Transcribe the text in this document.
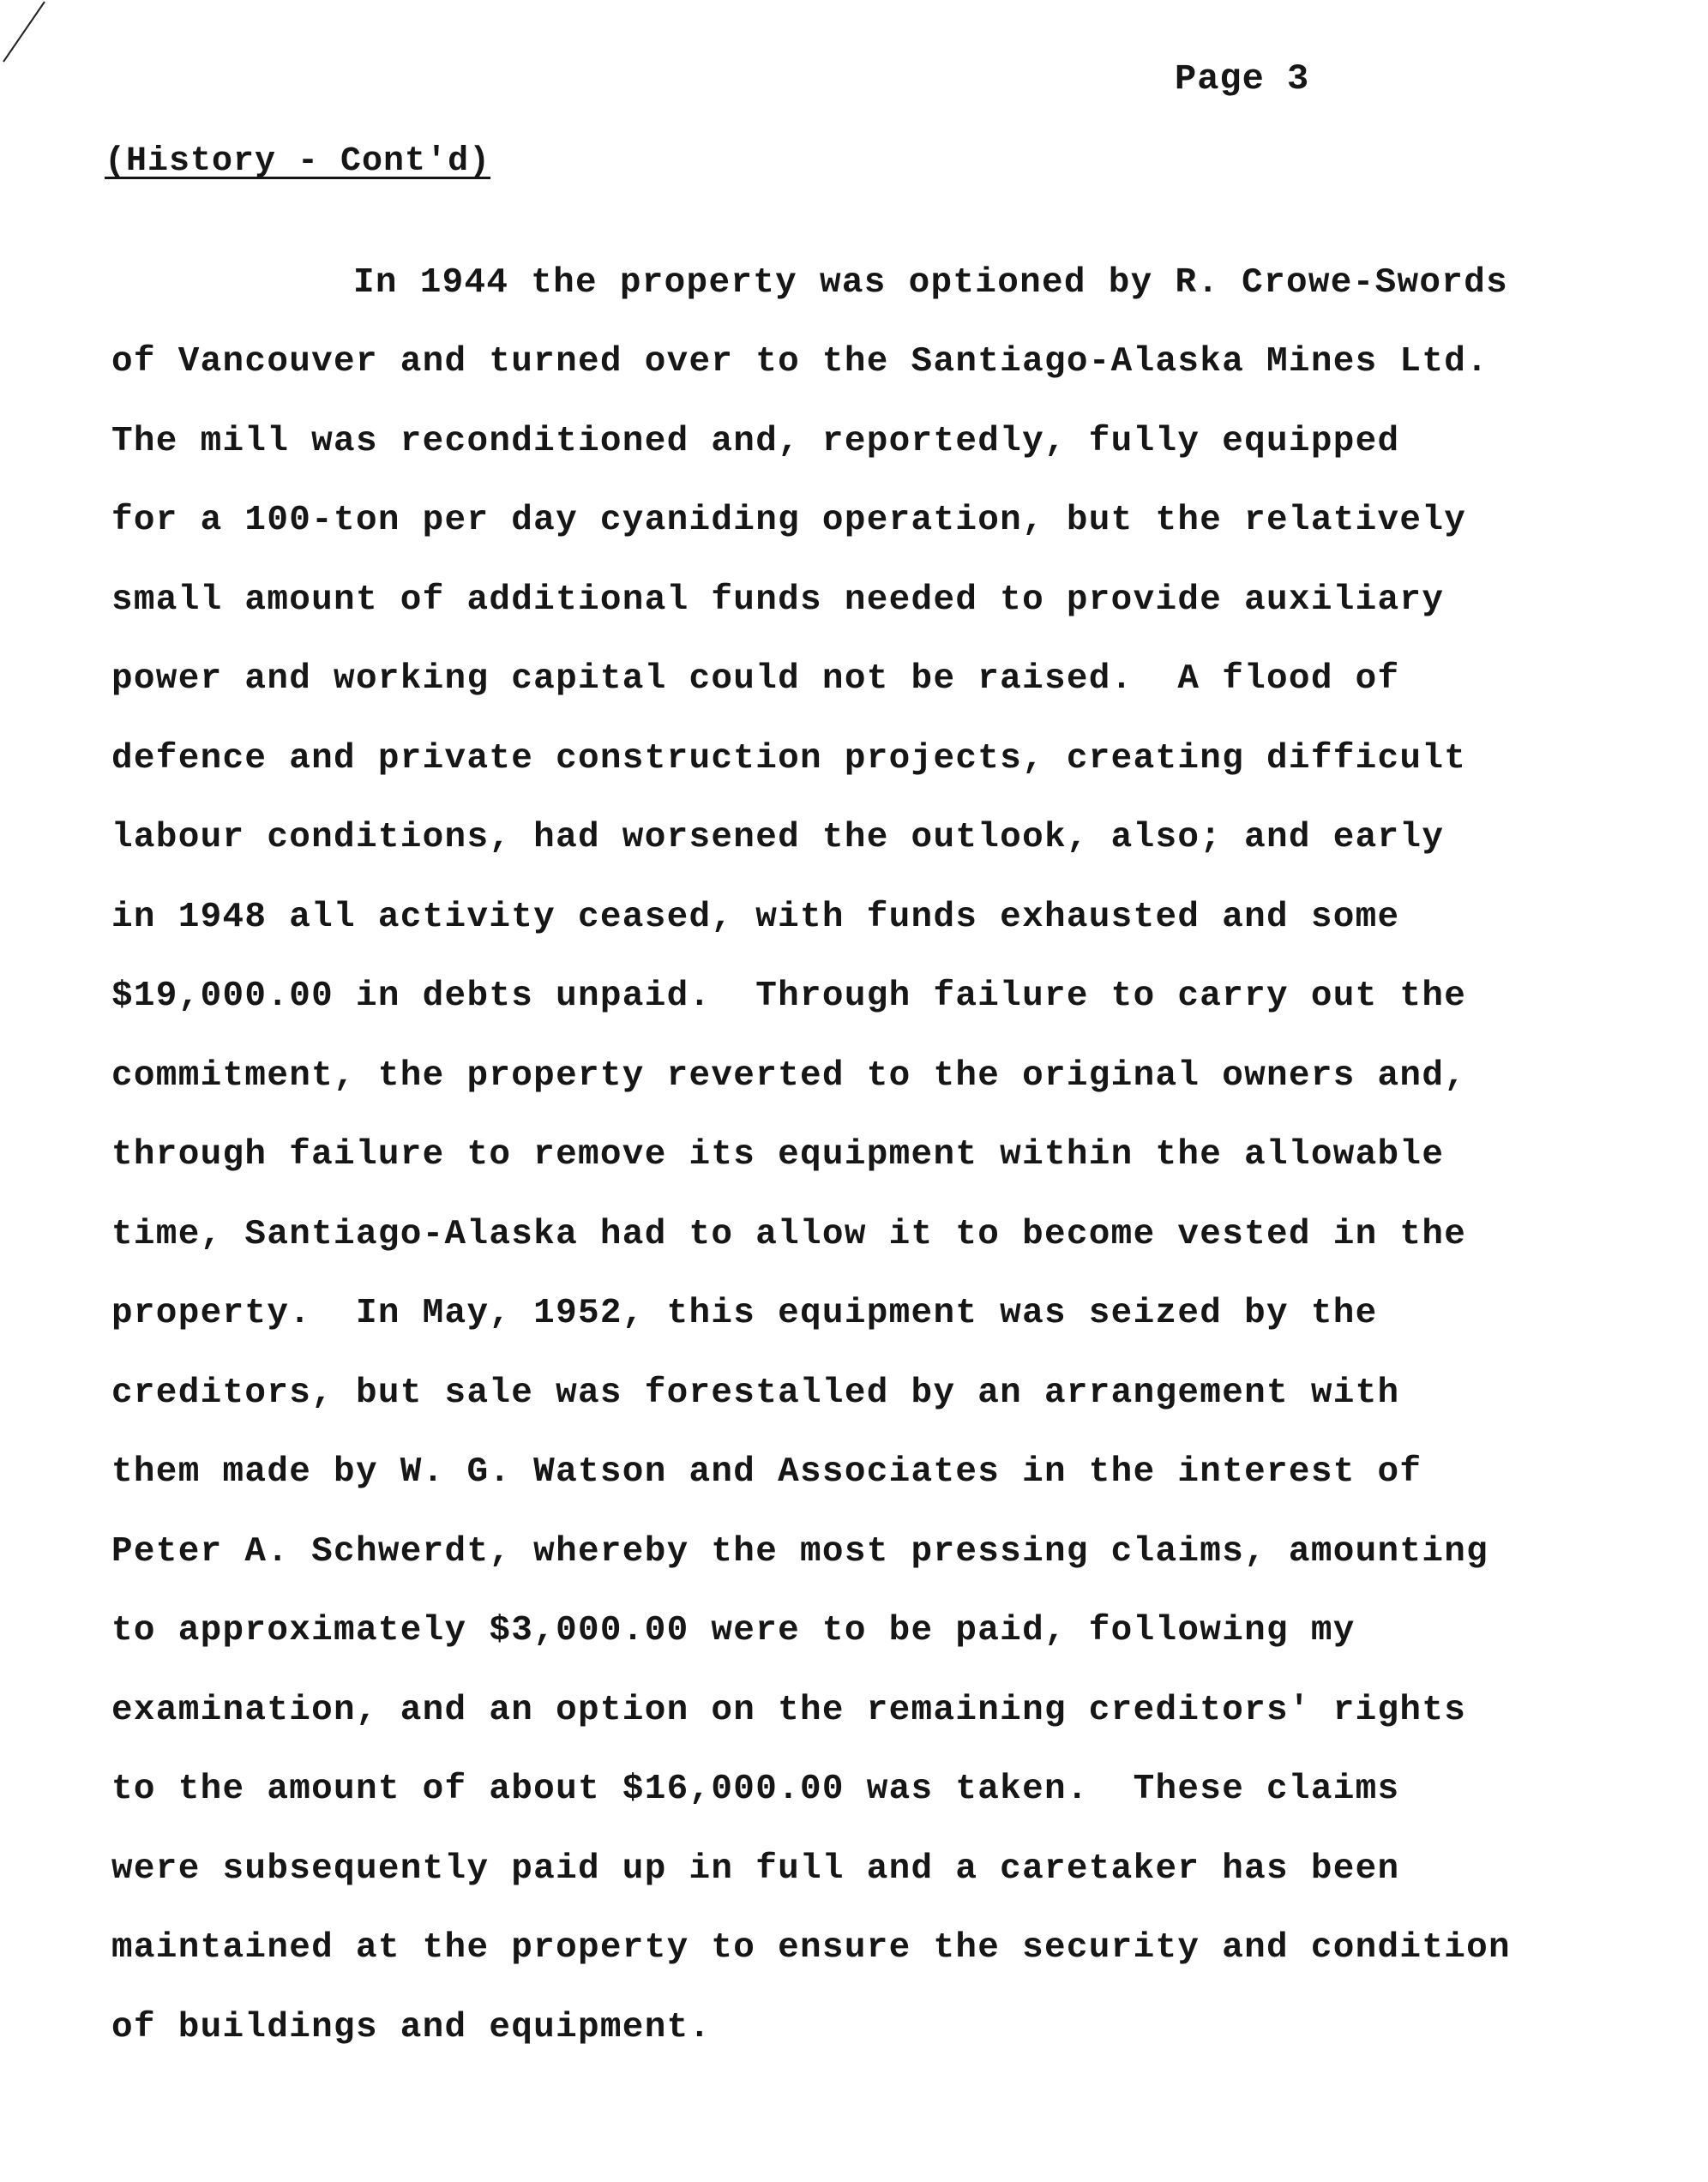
Page 3
(History - Cont'd)
In 1944 the property was optioned by R. Crowe-Swords
of Vancouver and turned over to the Santiago-Alaska Mines Ltd.
The mill was reconditioned and, reportedly, fully equipped
for a 100-ton per day cyaniding operation, but the relatively
small amount of additional funds needed to provide auxiliary
power and working capital could not be raised.  A flood of
defence and private construction projects, creating difficult
labour conditions, had worsened the outlook, also; and early
in 1948 all activity ceased, with funds exhausted and some
$19,000.00 in debts unpaid.  Through failure to carry out the
commitment, the property reverted to the original owners and,
through failure to remove its equipment within the allowable
time, Santiago-Alaska had to allow it to become vested in the
property.  In May, 1952, this equipment was seized by the
creditors, but sale was forestalled by an arrangement with
them made by W. G. Watson and Associates in the interest of
Peter A. Schwerdt, whereby the most pressing claims, amounting
to approximately $3,000.00 were to be paid, following my
examination, and an option on the remaining creditors' rights
to the amount of about $16,000.00 was taken.  These claims
were subsequently paid up in full and a caretaker has been
maintained at the property to ensure the security and condition
of buildings and equipment.
